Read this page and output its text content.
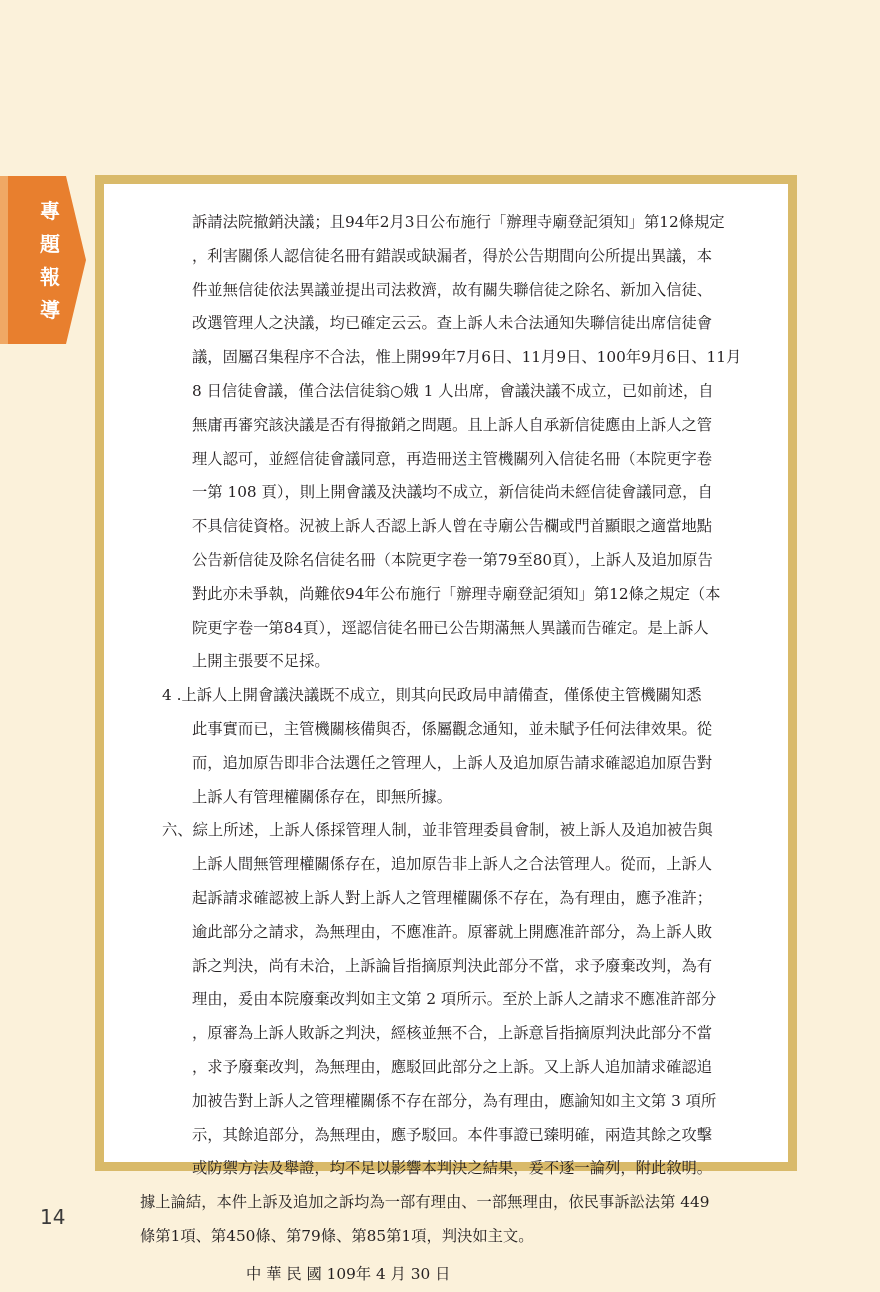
專
題
報
導
訴請法院撤銷決議；且94年2月3日公布施行「辦理寺廟登記須知」第12條規定
，利害關係人認信徒名冊有錯誤或缺漏者，得於公告期間向公所提出異議，本
件並無信徒依法異議並提出司法救濟，故有關失聯信徒之除名、新加入信徒、
改選管理人之決議，均已確定云云。查上訴人未合法通知失聯信徒出席信徒會
議，固屬召集程序不合法，惟上開99年7月6日、11月9日、100年9月6日、11月
8 日信徒會議，僅合法信徒翁○娥 1 人出席，會議決議不成立，已如前述，自
無庸再審究該決議是否有得撤銷之問題。且上訴人自承新信徒應由上訴人之管
理人認可，並經信徒會議同意，再造冊送主管機關列入信徒名冊（本院更字卷
一第 108 頁），則上開會議及決議均不成立，新信徒尚未經信徒會議同意，自
不具信徒資格。況被上訴人否認上訴人曾在寺廟公告欄或門首顯眼之適當地點
公告新信徒及除名信徒名冊（本院更字卷一第79至80頁），上訴人及追加原告
對此亦未爭執，尚難依94年公布施行「辦理寺廟登記須知」第12條之規定（本
院更字卷一第84頁），逕認信徒名冊已公告期滿無人異議而告確定。是上訴人
上開主張要不足採。
4 .上訴人上開會議決議既不成立，則其向民政局申請備查，僅係使主管機關知悉
此事實而已，主管機關核備與否，係屬觀念通知，並未賦予任何法律效果。從
而，追加原告即非合法選任之管理人，上訴人及追加原告請求確認追加原告對
上訴人有管理權關係存在，即無所據。
六、綜上所述，上訴人係採管理人制，並非管理委員會制，被上訴人及追加被告與
上訴人間無管理權關係存在，追加原告非上訴人之合法管理人。從而，上訴人
起訴請求確認被上訴人對上訴人之管理權關係不存在，為有理由，應予准許；
逾此部分之請求，為無理由，不應准許。原審就上開應准許部分，為上訴人敗
訴之判決，尚有未洽，上訴論旨指摘原判決此部分不當，求予廢棄改判，為有
理由，爰由本院廢棄改判如主文第 2 項所示。至於上訴人之請求不應准許部分
，原審為上訴人敗訴之判決，經核並無不合，上訴意旨指摘原判決此部分不當
，求予廢棄改判，為無理由，應駁回此部分之上訴。又上訴人追加請求確認追
加被告對上訴人之管理權關係不存在部分，為有理由，應諭知如主文第 3 項所
示，其餘追部分，為無理由，應予駁回。本件事證已臻明確，兩造其餘之攻擊
或防禦方法及舉證，均不足以影響本判決之結果，爰不逐一論列，附此敘明。
據上論結，本件上訴及追加之訴均為一部有理由、一部無理由，依民事訴訟法第 449
條第1項、第450條、第79條、第85第1項，判決如主文。
中 華 民 國 109年 4 月 30 日
14
